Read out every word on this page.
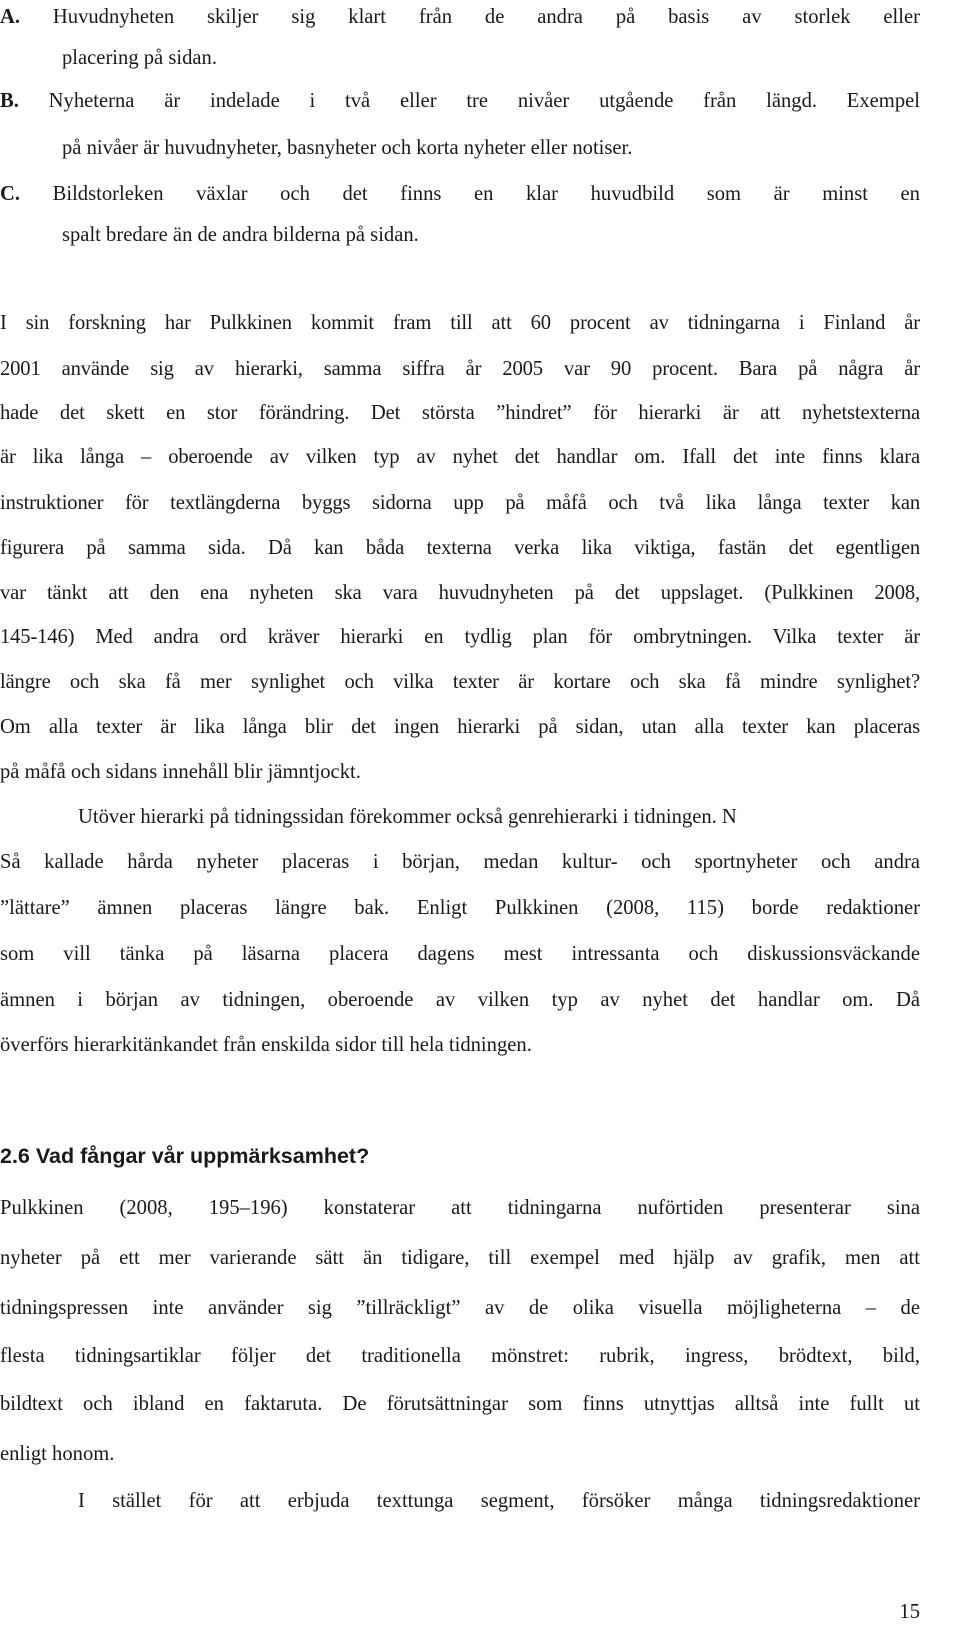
A. Huvudnyheten skiljer sig klart från de andra på basis av storlek eller

placering på sidan.

B. Nyheterna är indelade i två eller tre nivåer utgående från längd. Exempel

på nivåer är huvudnyheter, basnyheter och korta nyheter eller notiser.

C. Bildstorleken växlar och det finns en klar huvudbild som är minst en

spalt bredare än de andra bilderna på sidan.

I sin forskning har Pulkkinen kommit fram till att 60 procent av tidningarna i Finland år

2001 använde sig av hierarki, samma siffra år 2005 var 90 procent. Bara på några år

hade det skett en stor förändring. Det största ”hindret” för hierarki är att nyhetstexterna

är lika långa – oberoende av vilken typ av nyhet det handlar om. Ifall det inte finns klara

instruktioner för textlängderna byggs sidorna upp på måfå och två lika långa texter kan

figurera på samma sida. Då kan båda texterna verka lika viktiga, fastän det egentligen

var tänkt att den ena nyheten ska vara huvudnyheten på det uppslaget. (Pulkkinen 2008,

145-146) Med andra ord kräver hierarki en tydlig plan för ombrytningen. Vilka texter är

längre och ska få mer synlighet och vilka texter är kortare och ska få mindre synlighet?

Om alla texter är lika långa blir det ingen hierarki på sidan, utan alla texter kan placeras

på måfå och sidans innehåll blir jämntjockt.

Utöver hierarki på tidningssidan förekommer också genrehierarki i tidningen. N

Så kallade hårda nyheter placeras i början, medan kultur- och sportnyheter och andra

”lättare” ämnen placeras längre bak. Enligt Pulkkinen (2008, 115) borde redaktioner

som vill tänka på läsarna placera dagens mest intressanta och diskussionsväckande

ämnen i början av tidningen, oberoende av vilken typ av nyhet det handlar om. Då

överförs hierarkitänkandet från enskilda sidor till hela tidningen.

2.6 Vad fångar vår uppmärksamhet?

Pulkkinen (2008, 195–196) konstaterar att tidningarna nuförtiden presenterar sina

nyheter på ett mer varierande sätt än tidigare, till exempel med hjälp av grafik, men att

tidningspressen inte använder sig ”tillräckligt” av de olika visuella möjligheterna – de

flesta tidningsartiklar följer det traditionella mönstret: rubrik, ingress, brödtext, bild,

bildtext och ibland en faktaruta. De förutsättningar som finns utnyttjas alltså inte fullt ut

enligt honom.

I stället för att erbjuda texttunga segment, försöker många tidningsredaktioner

15
